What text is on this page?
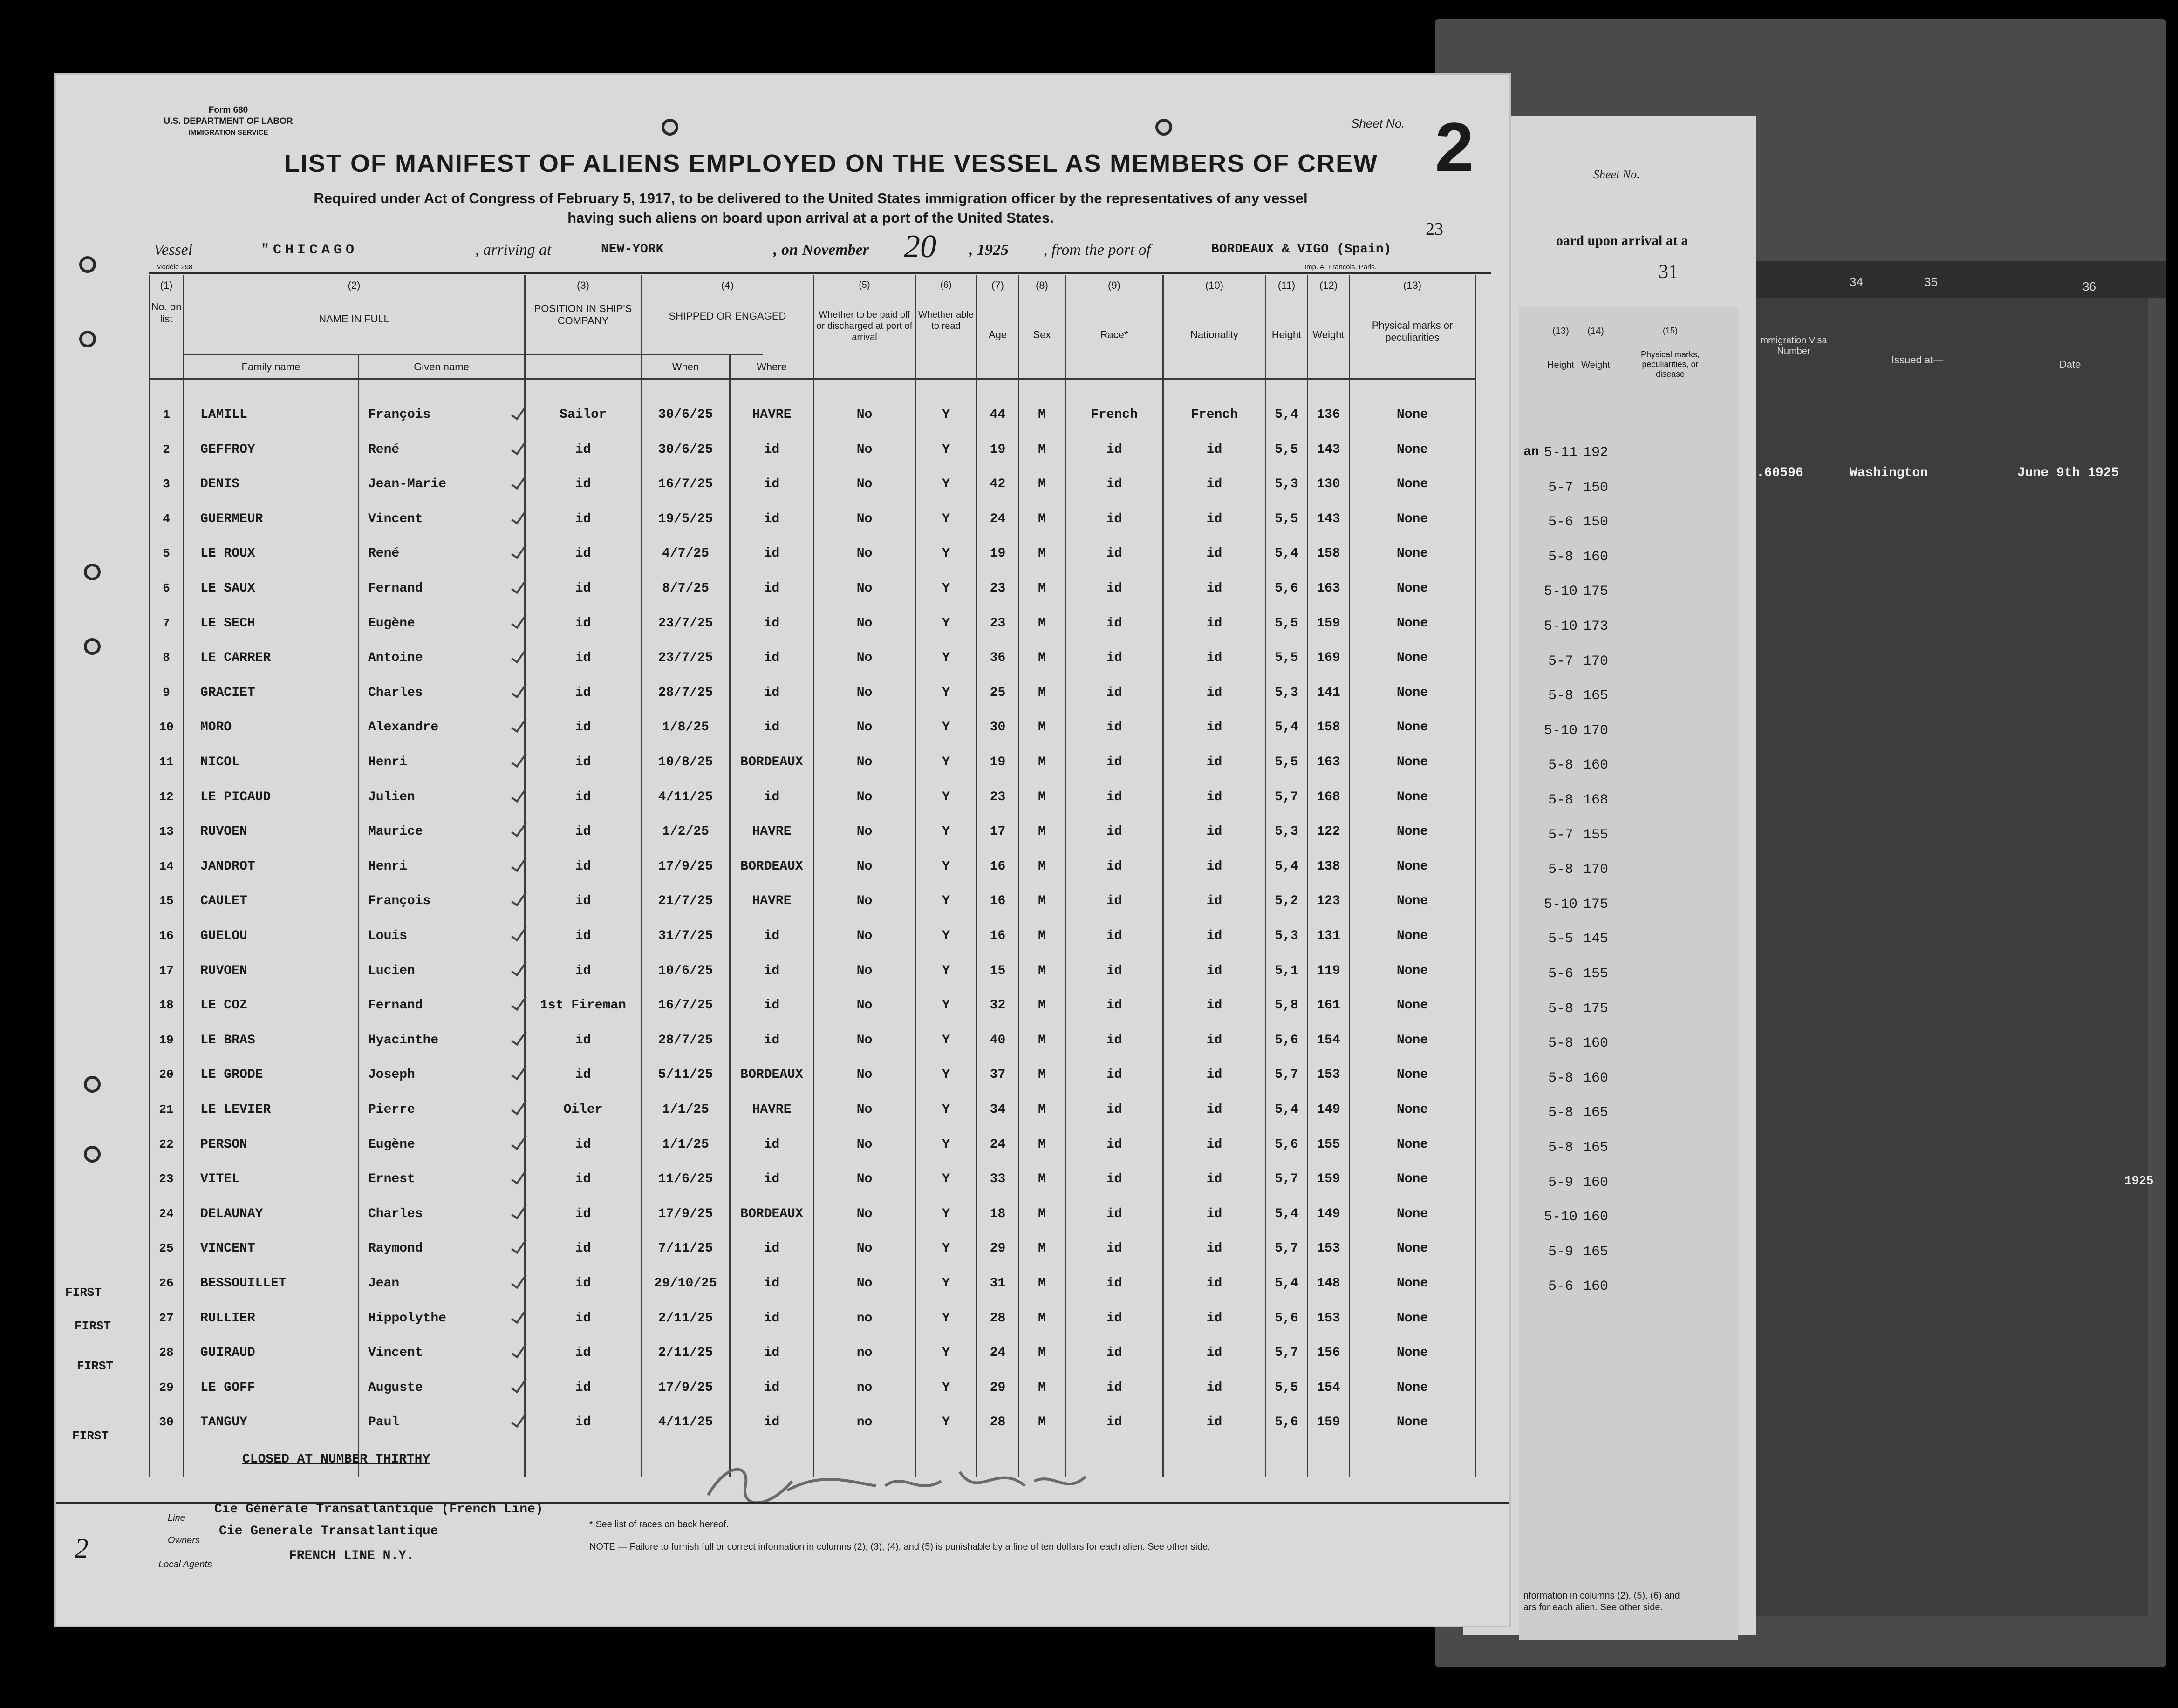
34	35	36
mmigration Visa Number
Issued at—	Date
.60596	Washington	June 9th 1925
1925
oard upon arrival at a
Sheet No.
31
(13)
Height
(14)
Weight
(15)
Physical marks, peculiarities, or disease
an 5-11 192
5-7 150
5-6 150
5-8 160
5-10 175
5-10 173
5-7 170
5-8 165
5-10 170
5-8 160
5-8 168
5-7 155
5-8 170
5-10 175
5-5 145
5-6 155
5-8 175
5-8 160
5-8 160
5-8 165
5-8 165
5-9 160
5-10 160
5-9 165
5-6 160
nformation in columns (2), (5), (6) and
ars for each alien. See other side.
Form 680
U.S. DEPARTMENT OF LABOR
IMMIGRATION SERVICE
Sheet No. 2
LIST OF MANIFEST OF ALIENS EMPLOYED ON THE VESSEL AS MEMBERS OF CREW
Required under Act of Congress of February 5, 1917, to be delivered to the United States immigration officer by the representatives of any vessel
having such aliens on board upon arrival at a port of the United States.
23
Vessel	"CHICAGO	, arriving at	NEW-YORK	, on November 20 , 1925 , from the port of	BORDEAUX & VIGO (Spain)
Modèle 298	Imp. A. Francois, Paris.
(1)
No. on list
(2)
NAME IN FULL
Family name	Given name
(3)
POSITION IN SHIP'S COMPANY
(4)
SHIPPED OR ENGAGED
When	Where
(5)
Whether to be paid off or discharged at port of arrival
(6)
Whether able to read
(7)
Age
(8)
Sex
(9)
Race*
(10)
Nationality
(11)
Height
(12)
Weight
(13)
Physical marks or peculiarities
1	LAMILL	François	Sailor	30/6/25	HAVRE	No	Y	44	M	French	French	5,4	136	None
2	GEFFROY	René	id	30/6/25	id	No	Y	19	M	id	id	5,5	143	None
3	DENIS	Jean-Marie	id	16/7/25	id	No	Y	42	M	id	id	5,3	130	None
4	GUERMEUR	Vincent	id	19/5/25	id	No	Y	24	M	id	id	5,5	143	None
5	LE ROUX	René	id	4/7/25	id	No	Y	19	M	id	id	5,4	158	None
6	LE SAUX	Fernand	id	8/7/25	id	No	Y	23	M	id	id	5,6	163	None
7	LE SECH	Eugène	id	23/7/25	id	No	Y	23	M	id	id	5,5	159	None
8	LE CARRER	Antoine	id	23/7/25	id	No	Y	36	M	id	id	5,5	169	None
9	GRACIET	Charles	id	28/7/25	id	No	Y	25	M	id	id	5,3	141	None
10	MORO	Alexandre	id	1/8/25	id	No	Y	30	M	id	id	5,4	158	None
11	NICOL	Henri	id	10/8/25	BORDEAUX	No	Y	19	M	id	id	5,5	163	None
12	LE PICAUD	Julien	id	4/11/25	id	No	Y	23	M	id	id	5,7	168	None
13	RUVOEN	Maurice	id	1/2/25	HAVRE	No	Y	17	M	id	id	5,3	122	None
14	JANDROT	Henri	id	17/9/25	BORDEAUX	No	Y	16	M	id	id	5,4	138	None
15	CAULET	François	id	21/7/25	HAVRE	No	Y	16	M	id	id	5,2	123	None
16	GUELOU	Louis	id	31/7/25	id	No	Y	16	M	id	id	5,3	131	None
17	RUVOEN	Lucien	id	10/6/25	id	No	Y	15	M	id	id	5,1	119	None
18	LE COZ	Fernand	1st Fireman	16/7/25	id	No	Y	32	M	id	id	5,8	161	None
19	LE BRAS	Hyacinthe	id	28/7/25	id	No	Y	40	M	id	id	5,6	154	None
20	LE GRODE	Joseph	id	5/11/25	BORDEAUX	No	Y	37	M	id	id	5,7	153	None
21	LE LEVIER	Pierre	Oiler	1/1/25	HAVRE	No	Y	34	M	id	id	5,4	149	None
22	PERSON	Eugène	id	1/1/25	id	No	Y	24	M	id	id	5,6	155	None
23	VITEL	Ernest	id	11/6/25	id	No	Y	33	M	id	id	5,7	159	None
24	DELAUNAY	Charles	id	17/9/25	BORDEAUX	No	Y	18	M	id	id	5,4	149	None
25	VINCENT	Raymond	id	7/11/25	id	No	Y	29	M	id	id	5,7	153	None
26	BESSOUILLET	Jean	id	29/10/25	id	No	Y	31	M	id	id	5,4	148	None
27	RULLIER	Hippolythe	id	2/11/25	id	no	Y	28	M	id	id	5,6	153	None
28	GUIRAUD	Vincent	id	2/11/25	id	no	Y	24	M	id	id	5,7	156	None
29	LE GOFF	Auguste	id	17/9/25	id	no	Y	29	M	id	id	5,5	154	None
30	TANGUY	Paul	id	4/11/25	id	no	Y	28	M	id	id	5,6	159	None
FIRST
FIRST
FIRST
FIRST
CLOSED AT NUMBER THIRTHY
Line
Cie Générale Transatlantique (French Line)
Owners
Cie Generale Transatlantique
Local Agents
FRENCH LINE N.Y.
* See list of races on back hereof.
NOTE — Failure to furnish full or correct information in columns (2), (3), (4), and (5) is punishable by a fine of ten dollars for each alien. See other side.
2
